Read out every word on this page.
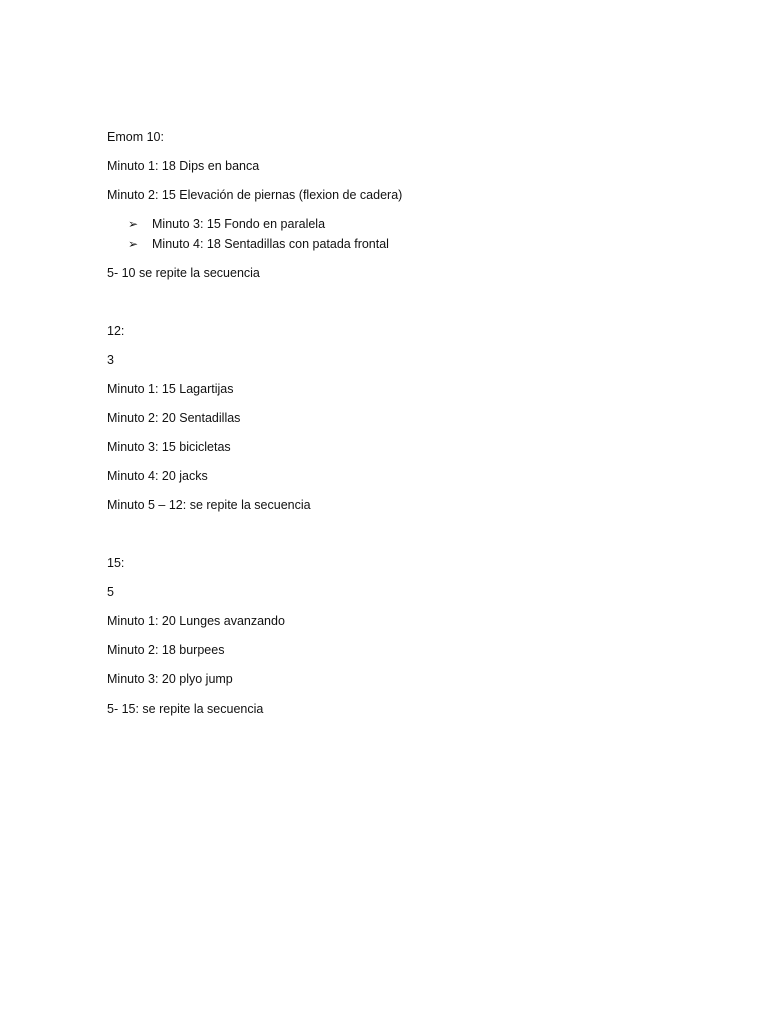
Emom 10:
Minuto 1: 18 Dips en banca
Minuto 2: 15 Elevación de piernas (flexion de cadera)
➢ Minuto 3: 15 Fondo en paralela
➢ Minuto 4: 18 Sentadillas con patada frontal
5- 10 se repite la secuencia
12:
3
Minuto 1: 15 Lagartijas
Minuto 2: 20 Sentadillas
Minuto 3: 15 bicicletas
Minuto 4: 20 jacks
Minuto 5 – 12: se repite la secuencia
15:
5
Minuto 1: 20 Lunges avanzando
Minuto 2: 18 burpees
Minuto 3: 20 plyo jump
5- 15: se repite la secuencia
